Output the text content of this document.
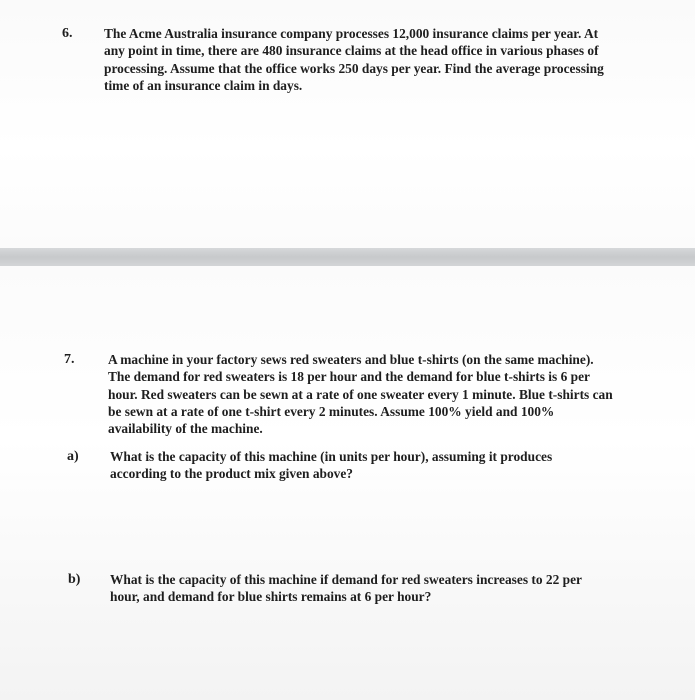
6. The Acme Australia insurance company processes 12,000 insurance claims per year. At any point in time, there are 480 insurance claims at the head office in various phases of processing. Assume that the office works 250 days per year. Find the average processing time of an insurance claim in days.
7.	A machine in your factory sews red sweaters and blue t-shirts (on the same machine). The demand for red sweaters is 18 per hour and the demand for blue t-shirts is 6 per hour. Red sweaters can be sewn at a rate of one sweater every 1 minute. Blue t-shirts can be sewn at a rate of one t-shirt every 2 minutes. Assume 100% yield and 100% availability of the machine.
a) What is the capacity of this machine (in units per hour), assuming it produces according to the product mix given above?
b) What is the capacity of this machine if demand for red sweaters increases to 22 per hour, and demand for blue shirts remains at 6 per hour?
